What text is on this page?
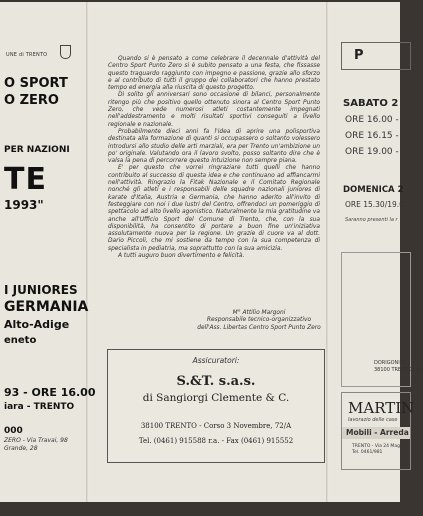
UNE di TRENTO
O SPORT
O ZERO
PER NAZIONI
TE
1993"
I JUNIORES
GERMANIA
Alto-Adige
eneto
93 - ORE 16.00
iara - TRENTO
000
ZERO - Via Travai, 98
Grande, 28

Quando si è pensato a come celebrare il decennale d'attività del Centro Sport Punto Zero si è subito pensato a una festa, che fissasse questo traguardo raggiunto con impegno e passione, grazie allo sforzo e al contributo di tutti il gruppo dei collaboratori che hanno prestato tempo ed energia alla riuscita di questo progetto.

Di solito gli anniversari sono occasione di bilanci, personalmente ritengo più che positivo quello ottenuto sinora al Centro Sport Punto Zero, che vede numerosi atleti costantemente impegnati nell'addestramento e molti risultati sportivi conseguiti a livello regionale e nazionale.

Probabilmente dieci anni fa l'idea di aprire una polisportiva destinata alla formazione di quanti si occupassero o soltanto volessero introdursi allo studio delle arti marziali, era per Trento un'ambizione un po' originale. Valutando ora il lavoro svolto, posso soltanto dire che è valsa la pena di percorrere questo intuizione non sempre piana.

E' per questo che vorrei ringraziare tutti quelli che hanno contribuito al successo di questa idea e che continuano ad affiancarmi nell'attività. Ringrazio la Fitak Nazionale e il Comitato Regionale nonché gli atleti e i responsabili delle squadre nazionali juniores di karate d'Italia, Austria e Germania, che hanno aderito all'invito di festeggiare con noi i due lustri del Centro, offrendoci un pomeriggio di spettacolo ad alto livello agonistico. Naturalmente la mia gratitudine va anche all'Ufficio Sport del Comune di Trento, che, con la sua disponibilità, ha consentito di portare a buon fine un'iniziativa assolutamente nuova per la regione. Un grazie di cuore va al dott. Dario Piccoli, che mi sostiene da tempo con la sua competenza di specialista in pediatria, ma soprattutto con la sua amicizia.

A tutti auguro buon divertimento e felicità.

M° Attilio Margoni
Responsabile tecnico-organizzativo
dell'Ass. Libertas Centro Sport Punto Zero
Assicuratori:
S.&T. s.a.s.
di Sangiorgi Clemente & C.
38100 TRENTO - Corso 3 Novembre, 72/A
Tel. (0461) 915588 r.a. - Fax (0461) 915552
P
SABATO 2
ORE 16.00 -
ORE 16.15 -
ORE 19.00 -
DOMENICA 2
ORE 15.30/19.0
Saranno presenti la r
DORIGONI S
38100 TRENTO - Lo
MARTIN
lavorazio delle case
Mobili - Arreda
TRENTO - Via 24 Mag
Tel. 0461/981
